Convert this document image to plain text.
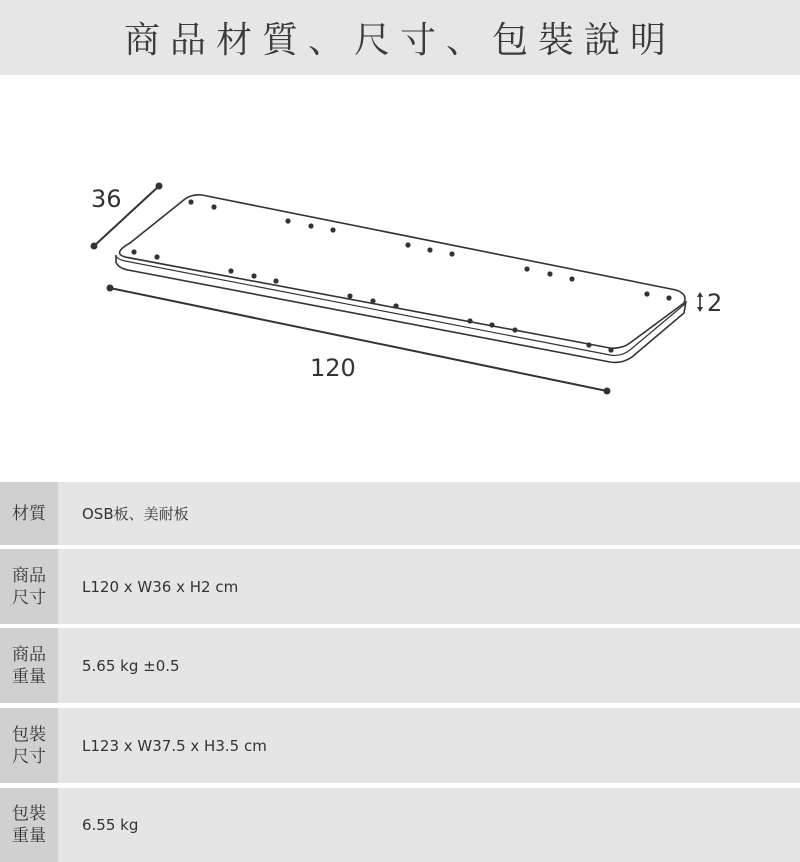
商品材質、尺寸、包裝說明
36
120
2
材質	OSB板、美耐板
商品
尺寸
L120 x W36 x H2 cm
商品
重量
5.65 kg ±0.5
包裝
尺寸
L123 x W37.5 x H3.5 cm
包裝
重量
6.55 kg
